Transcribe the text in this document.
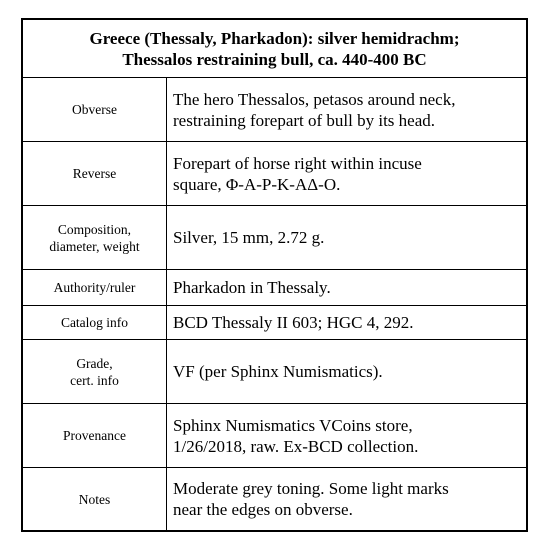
Greece (Thessaly, Pharkadon): silver hemidrachm;
Thessalos restraining bull, ca. 440-400 BC
Obverse
The hero Thessalos, petasos around neck,
restraining forepart of bull by its head.
Reverse
Forepart of horse right within incuse
square, Φ-Α-Ρ-Κ-ΑΔ-Ο.
Composition,
diameter, weight Silver, 15 mm, 2.72 g.
Authority/ruler Pharkadon in Thessaly.
Catalog info	BCD Thessaly II 603; HGC 4, 292.
Grade,
cert. info	VF (per Sphinx Numismatics).
Provenance
Sphinx Numismatics VCoins store,
1/26/2018, raw. Ex-BCD collection.
Notes
Moderate grey toning. Some light marks
near the edges on obverse.
